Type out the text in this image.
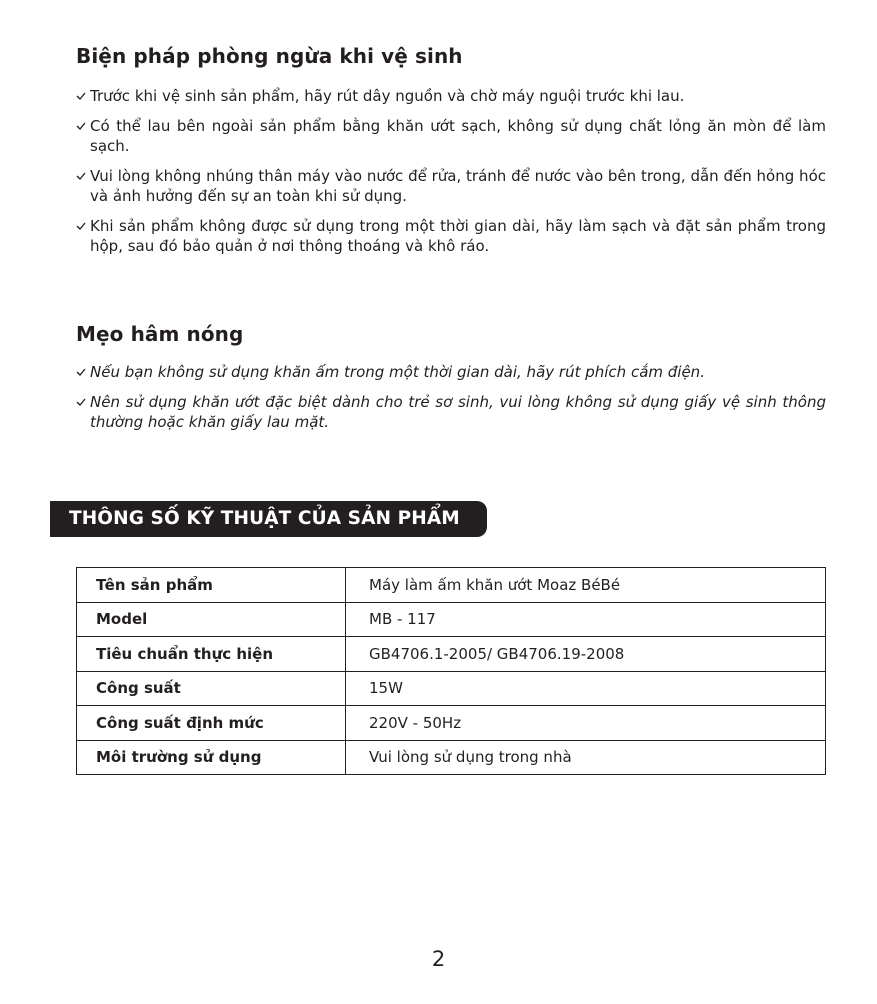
Biện pháp phòng ngừa khi vệ sinh
Trước khi vệ sinh sản phẩm, hãy rút dây nguồn và chờ máy nguội trước khi lau.
Có thể lau bên ngoài sản phẩm bằng khăn ướt sạch, không sử dụng chất lỏng ăn mòn để làm sạch.
Vui lòng không nhúng thân máy vào nước để rửa, tránh để nước vào bên trong, dẫn đến hỏng hóc và ảnh hưởng đến sự an toàn khi sử dụng.
Khi sản phẩm không được sử dụng trong một thời gian dài, hãy làm sạch và đặt sản phẩm trong hộp, sau đó bảo quản ở nơi thông thoáng và khô ráo.
Mẹo hâm nóng
Nếu bạn không sử dụng khăn ấm trong một thời gian dài, hãy rút phích cắm điện.
Nên sử dụng khăn ướt đặc biệt dành cho trẻ sơ sinh, vui lòng không sử dụng giấy vệ sinh thông thường hoặc khăn giấy lau mặt.
THÔNG SỐ KỸ THUẬT CỦA SẢN PHẨM
Tên sản phẩm	Máy làm ấm khăn ướt Moaz BéBé
Model	MB - 117
Tiêu chuẩn thực hiện	GB4706.1-2005/ GB4706.19-2008
Công suất	15W
Công suất định mức	220V - 50Hz
Môi trường sử dụng	Vui lòng sử dụng trong nhà
2
